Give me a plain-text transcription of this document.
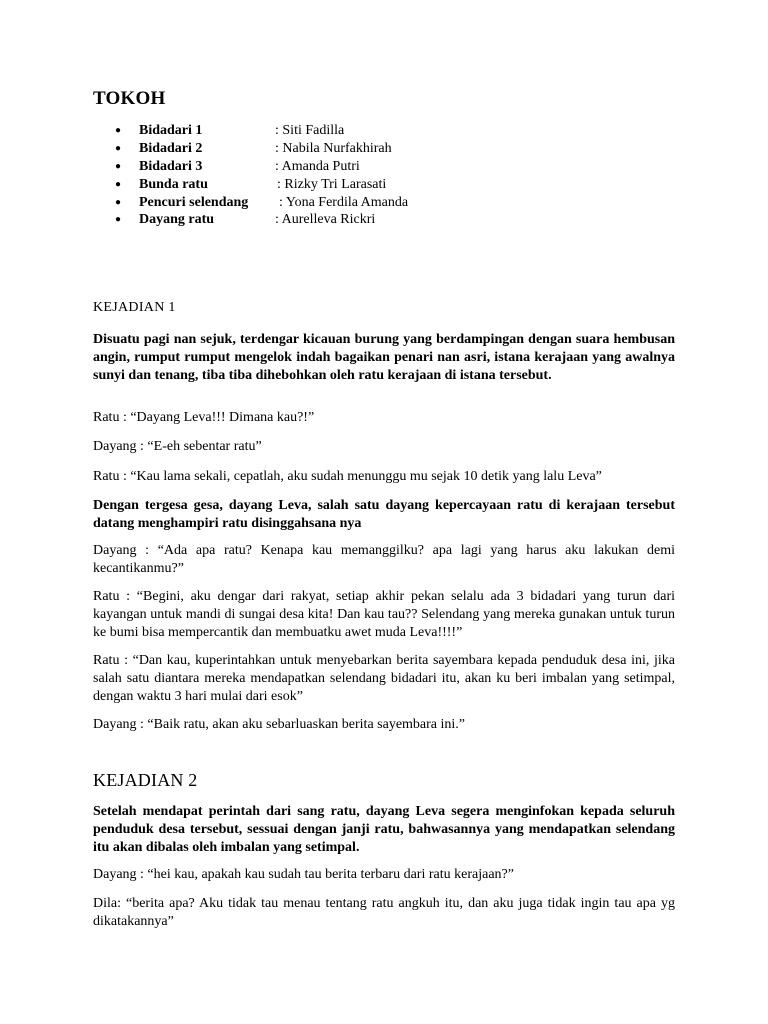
TOKOH
● Bidadari 1	: Siti Fadilla
● Bidadari 2	: Nabila Nurfakhirah
● Bidadari 3	: Amanda Putri
● Bunda ratu	: Rizky Tri Larasati
● Pencuri selendang : Yona Ferdila Amanda
● Dayang ratu	: Aurelleva Rickri
KEJADIAN 1

Disuatu pagi nan sejuk, terdengar kicauan burung yang berdampingan dengan suara hembusan angin, rumput rumput mengelok indah bagaikan penari nan asri, istana kerajaan yang awalnya sunyi dan tenang, tiba tiba dihebohkan oleh ratu kerajaan di istana tersebut.

Ratu : “Dayang Leva!!! Dimana kau?!”

Dayang : “E-eh sebentar ratu”

Ratu : “Kau lama sekali, cepatlah, aku sudah menunggu mu sejak 10 detik yang lalu Leva”

Dengan tergesa gesa, dayang Leva, salah satu dayang kepercayaan ratu di kerajaan tersebut datang menghampiri ratu disinggahsana nya

Dayang : “Ada apa ratu? Kenapa kau memanggilku? apa lagi yang harus aku lakukan demi kecantikanmu?”

Ratu : “Begini, aku dengar dari rakyat, setiap akhir pekan selalu ada 3 bidadari yang turun dari kayangan untuk mandi di sungai desa kita! Dan kau tau?? Selendang yang mereka gunakan untuk turun ke bumi bisa mempercantik dan membuatku awet muda Leva!!!!”

Ratu : “Dan kau, kuperintahkan untuk menyebarkan berita sayembara kepada penduduk desa ini, jika salah satu diantara mereka mendapatkan selendang bidadari itu, akan ku beri imbalan yang setimpal, dengan waktu 3 hari mulai dari esok”

Dayang : “Baik ratu, akan aku sebarluaskan berita sayembara ini.”

KEJADIAN 2

Setelah mendapat perintah dari sang ratu, dayang Leva segera menginfokan kepada seluruh penduduk desa tersebut, sessuai dengan janji ratu, bahwasannya yang mendapatkan selendang itu akan dibalas oleh imbalan yang setimpal.

Dayang : “hei kau, apakah kau sudah tau berita terbaru dari ratu kerajaan?”

Dila: “berita apa? Aku tidak tau menau tentang ratu angkuh itu, dan aku juga tidak ingin tau apa yg dikatakannya”
